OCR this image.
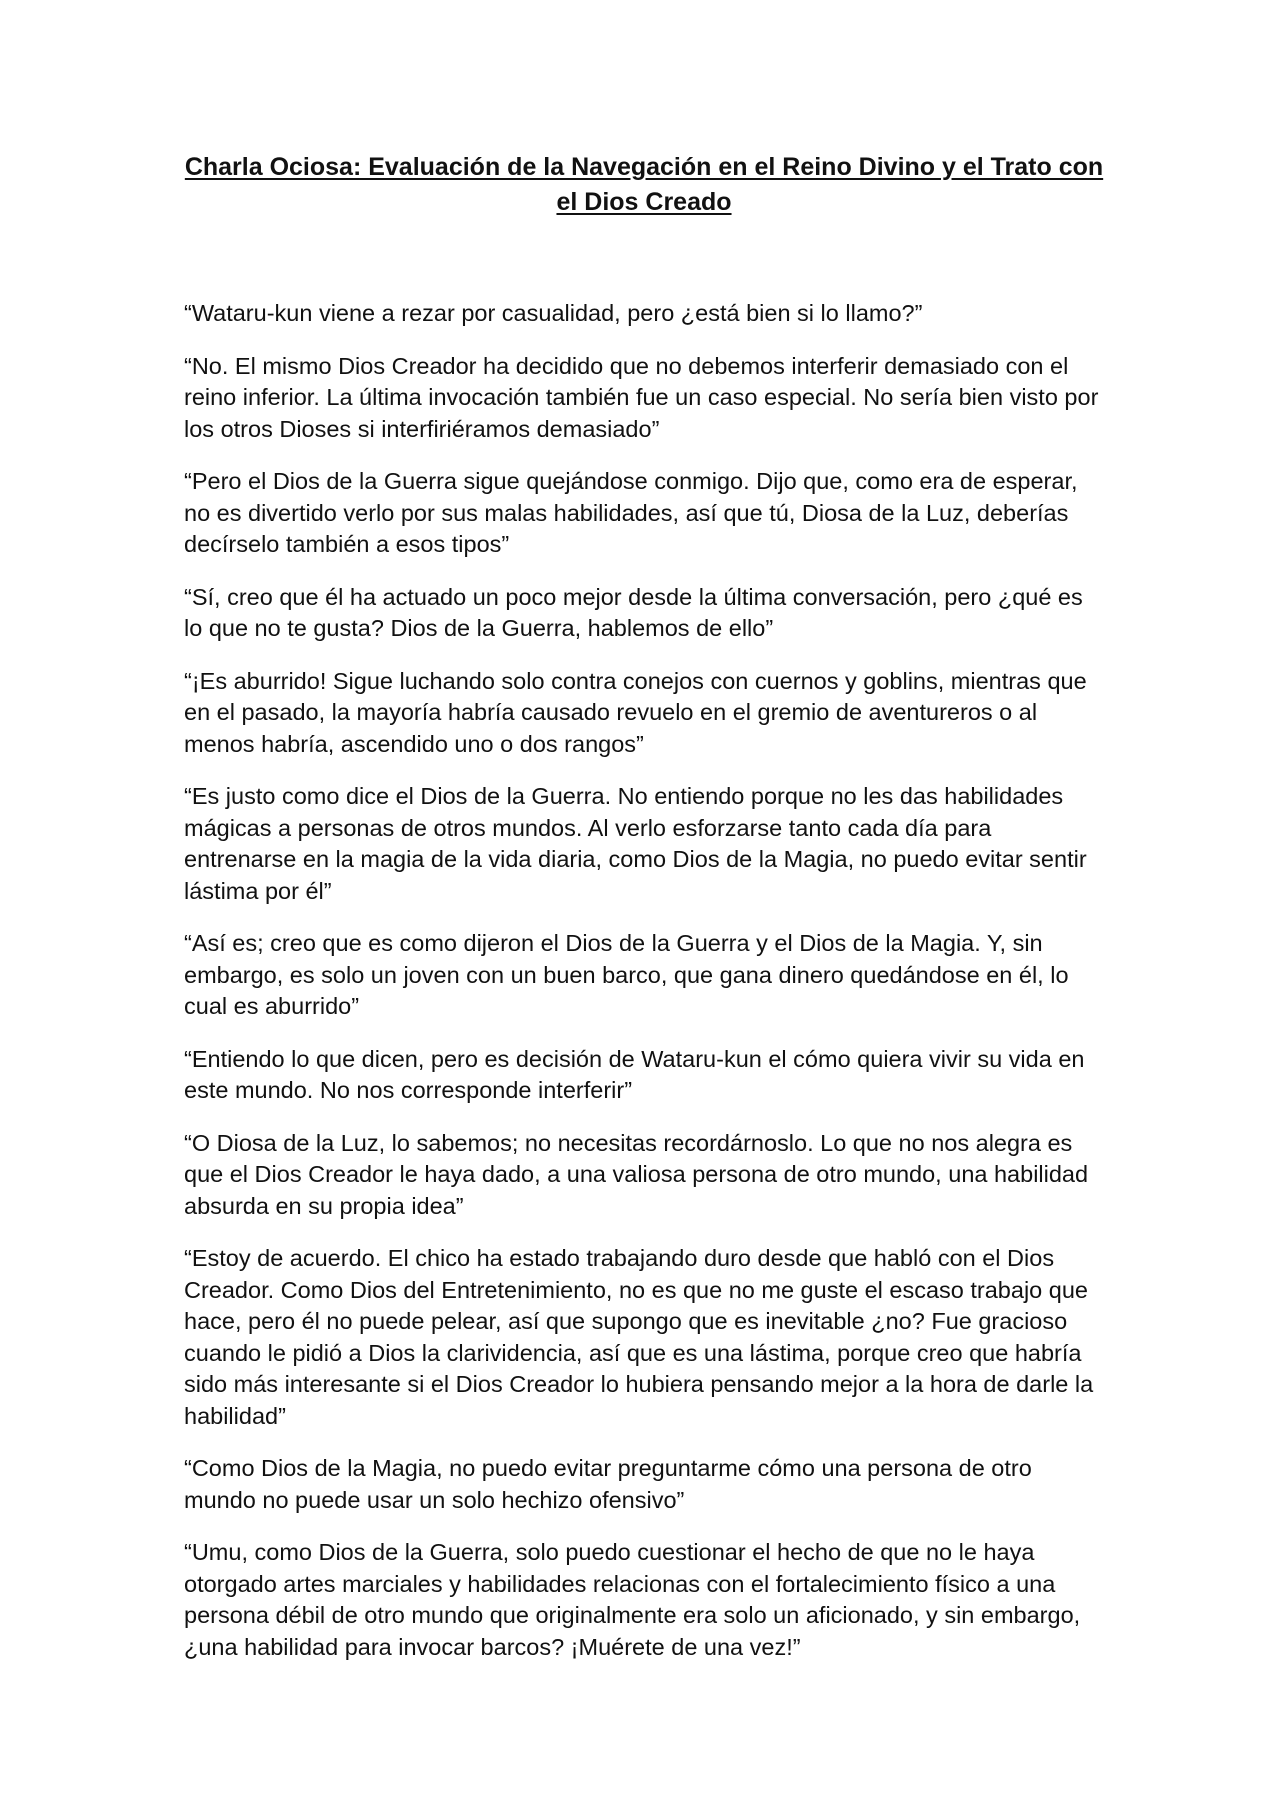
Charla Ociosa: Evaluación de la Navegación en el Reino Divino y el Trato con el Dios Creado

“Wataru-kun viene a rezar por casualidad, pero ¿está bien si lo llamo?”

“No. El mismo Dios Creador ha decidido que no debemos interferir demasiado con el reino inferior. La última invocación también fue un caso especial. No sería bien visto por los otros Dioses si interfiriéramos demasiado”

“Pero el Dios de la Guerra sigue quejándose conmigo. Dijo que, como era de esperar, no es divertido verlo por sus malas habilidades, así que tú, Diosa de la Luz, deberías decírselo también a esos tipos”

“Sí, creo que él ha actuado un poco mejor desde la última conversación, pero ¿qué es lo que no te gusta? Dios de la Guerra, hablemos de ello”

“¡Es aburrido! Sigue luchando solo contra conejos con cuernos y goblins, mientras que en el pasado, la mayoría habría causado revuelo en el gremio de aventureros o al menos habría, ascendido uno o dos rangos”

“Es justo como dice el Dios de la Guerra. No entiendo porque no les das habilidades mágicas a personas de otros mundos. Al verlo esforzarse tanto cada día para entrenarse en la magia de la vida diaria, como Dios de la Magia, no puedo evitar sentir lástima por él”

“Así es; creo que es como dijeron el Dios de la Guerra y el Dios de la Magia. Y, sin embargo, es solo un joven con un buen barco, que gana dinero quedándose en él, lo cual es aburrido”

“Entiendo lo que dicen, pero es decisión de Wataru-kun el cómo quiera vivir su vida en este mundo. No nos corresponde interferir”

“O Diosa de la Luz, lo sabemos; no necesitas recordárnoslo. Lo que no nos alegra es que el Dios Creador le haya dado, a una valiosa persona de otro mundo, una habilidad absurda en su propia idea”

“Estoy de acuerdo. El chico ha estado trabajando duro desde que habló con el Dios Creador. Como Dios del Entretenimiento, no es que no me guste el escaso trabajo que hace, pero él no puede pelear, así que supongo que es inevitable ¿no? Fue gracioso cuando le pidió a Dios la clarividencia, así que es una lástima, porque creo que habría sido más interesante si el Dios Creador lo hubiera pensando mejor a la hora de darle la habilidad”

“Como Dios de la Magia, no puedo evitar preguntarme cómo una persona de otro mundo no puede usar un solo hechizo ofensivo”

“Umu, como Dios de la Guerra, solo puedo cuestionar el hecho de que no le haya otorgado artes marciales y habilidades relacionas con el fortalecimiento físico a una persona débil de otro mundo que originalmente era solo un aficionado, y sin embargo, ¿una habilidad para invocar barcos? ¡Muérete de una vez!”
